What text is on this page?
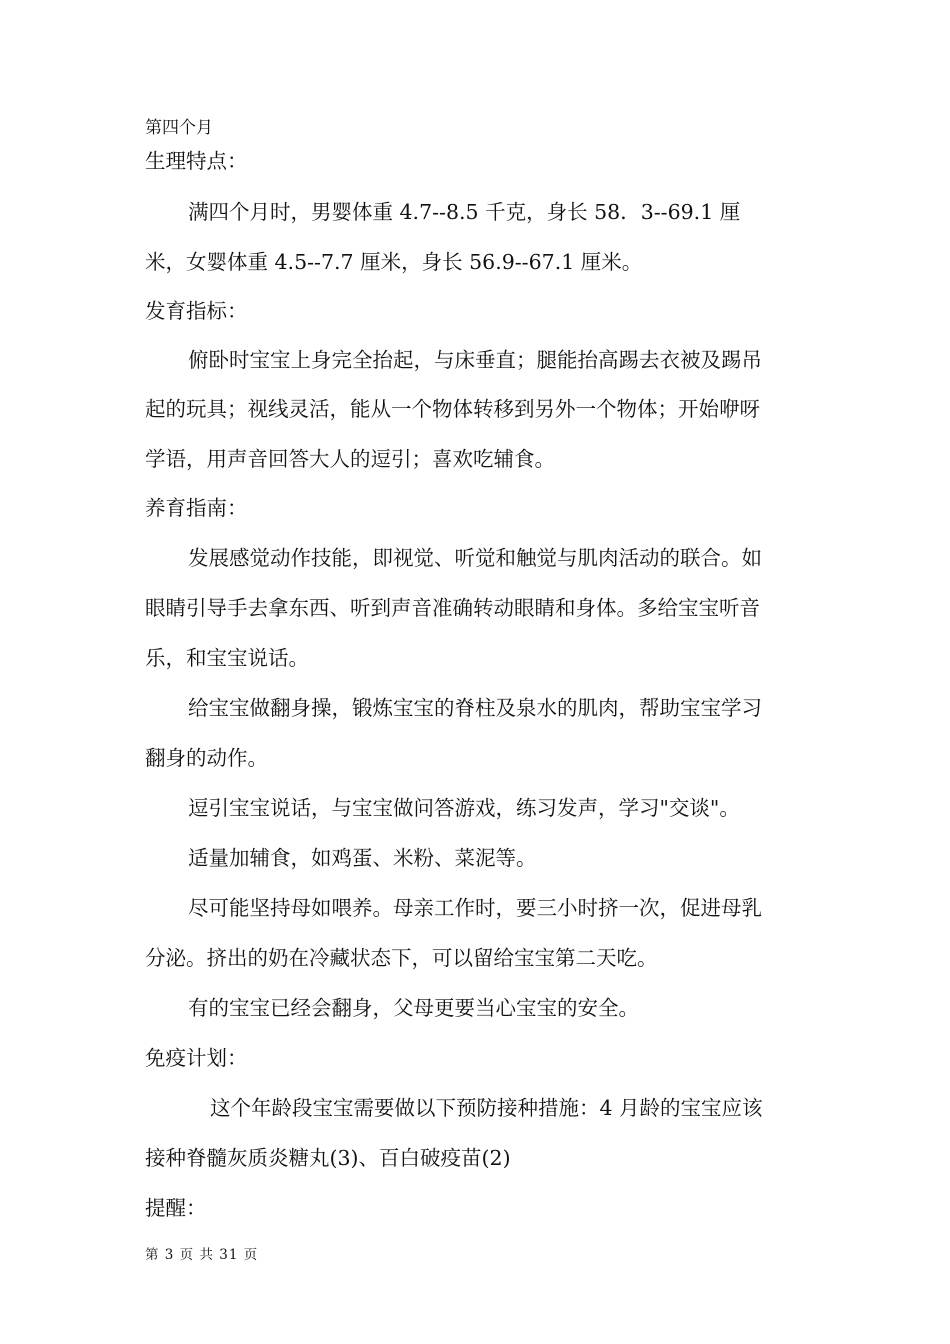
第四个月
生理特点：
满四个月时，男婴体重 4.7--8.5 千克，身长 58．3--69.1 厘
米，女婴体重 4.5--7.7 厘米，身长 56.9--67.1 厘米。
发育指标：
俯卧时宝宝上身完全抬起，与床垂直；腿能抬高踢去衣被及踢吊
起的玩具；视线灵活，能从一个物体转移到另外一个物体；开始咿呀
学语，用声音回答大人的逗引；喜欢吃辅食。
养育指南：
发展感觉动作技能，即视觉、听觉和触觉与肌肉活动的联合。如
眼睛引导手去拿东西、听到声音准确转动眼睛和身体。多给宝宝听音
乐，和宝宝说话。
给宝宝做翻身操，锻炼宝宝的脊柱及泉水的肌肉，帮助宝宝学习
翻身的动作。
逗引宝宝说话，与宝宝做问答游戏，练习发声，学习"交谈"。
适量加辅食，如鸡蛋、米粉、菜泥等。
尽可能坚持母如喂养。母亲工作时，要三小时挤一次，促进母乳
分泌。挤出的奶在冷藏状态下，可以留给宝宝第二天吃。
有的宝宝已经会翻身，父母更要当心宝宝的安全。
免疫计划：
这个年龄段宝宝需要做以下预防接种措施：4 月龄的宝宝应该
接种脊髓灰质炎糖丸(3)、百白破疫苗(2)
提醒：
第 3 页 共 31 页
